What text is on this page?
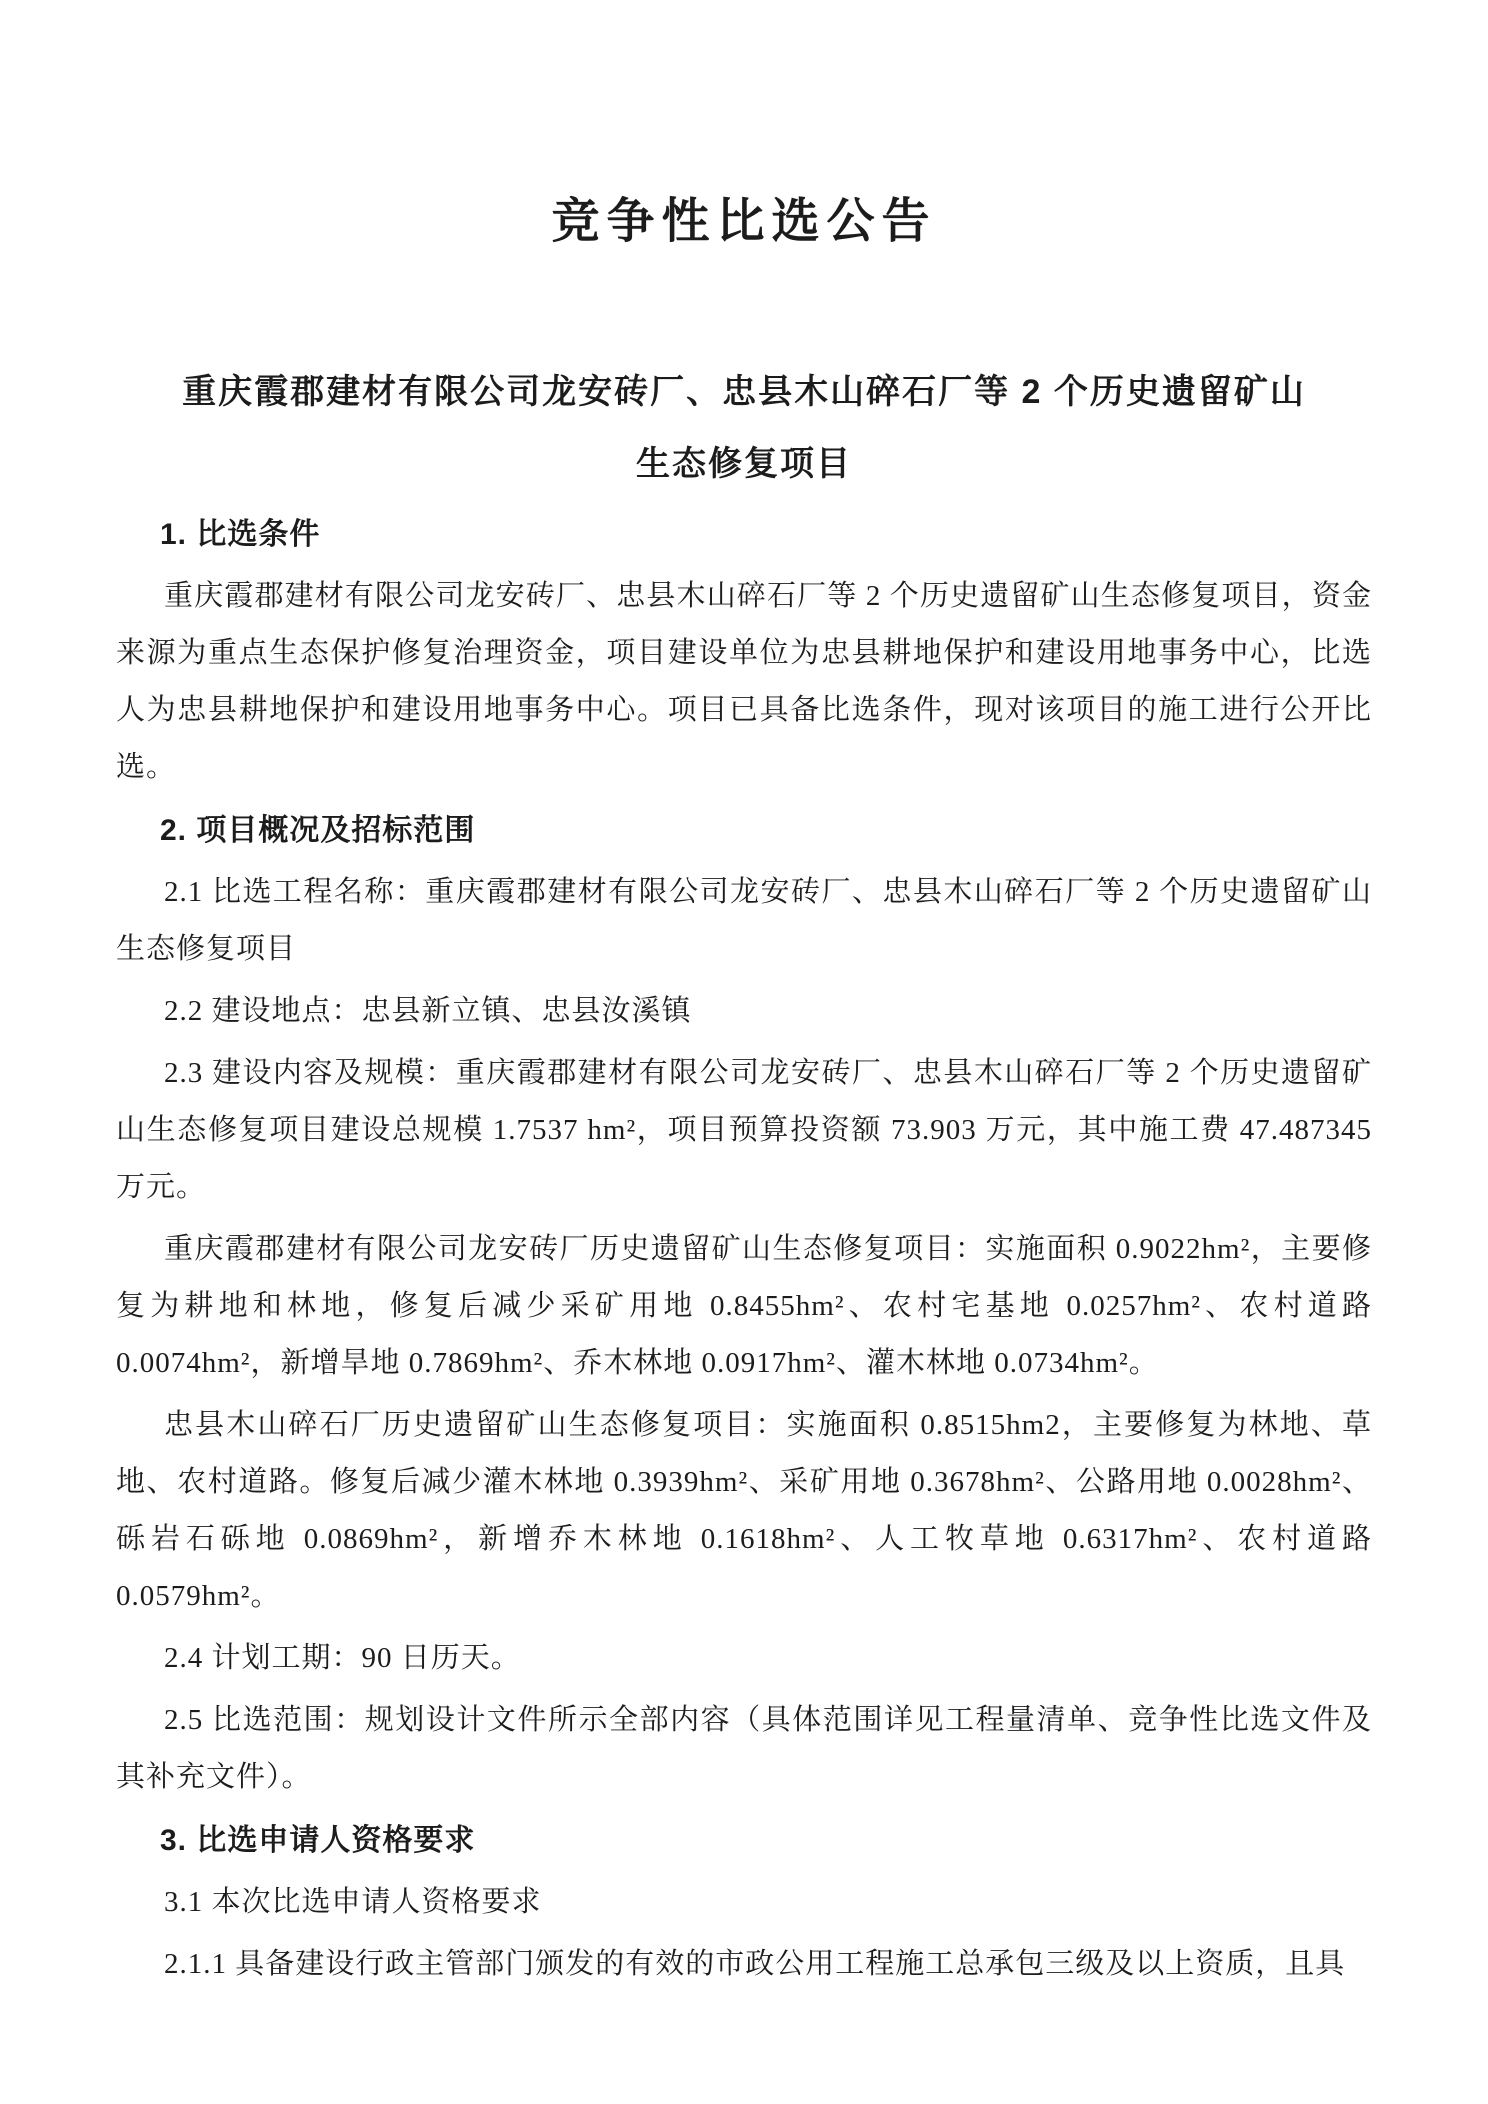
竞争性比选公告
重庆霞郡建材有限公司龙安砖厂、忠县木山碎石厂等 2 个历史遗留矿山
生态修复项目
1. 比选条件

重庆霞郡建材有限公司龙安砖厂、忠县木山碎石厂等 2 个历史遗留矿山生态修复项目，资金来源为重点生态保护修复治理资金，项目建设单位为忠县耕地保护和建设用地事务中心，比选人为忠县耕地保护和建设用地事务中心。项目已具备比选条件，现对该项目的施工进行公开比选。

2. 项目概况及招标范围

2.1 比选工程名称：重庆霞郡建材有限公司龙安砖厂、忠县木山碎石厂等 2 个历史遗留矿山生态修复项目

2.2 建设地点：忠县新立镇、忠县汝溪镇

2.3 建设内容及规模：重庆霞郡建材有限公司龙安砖厂、忠县木山碎石厂等 2 个历史遗留矿山生态修复项目建设总规模 1.7537 hm²，项目预算投资额 73.903 万元，其中施工费 47.487345 万元。

重庆霞郡建材有限公司龙安砖厂历史遗留矿山生态修复项目：实施面积 0.9022hm²，主要修复为耕地和林地，修复后减少采矿用地 0.8455hm²、农村宅基地 0.0257hm²、农村道路 0.0074hm²，新增旱地 0.7869hm²、乔木林地 0.0917hm²、灌木林地 0.0734hm²。

忠县木山碎石厂历史遗留矿山生态修复项目：实施面积 0.8515hm2，主要修复为林地、草地、农村道路。修复后减少灌木林地 0.3939hm²、采矿用地 0.3678hm²、公路用地 0.0028hm²、砾岩石砾地 0.0869hm²，新增乔木林地 0.1618hm²、人工牧草地 0.6317hm²、农村道路 0.0579hm²。

2.4 计划工期：90 日历天。

2.5 比选范围：规划设计文件所示全部内容（具体范围详见工程量清单、竞争性比选文件及其补充文件）。

3. 比选申请人资格要求

3.1 本次比选申请人资格要求

2.1.1 具备建设行政主管部门颁发的有效的市政公用工程施工总承包三级及以上资质，且具
